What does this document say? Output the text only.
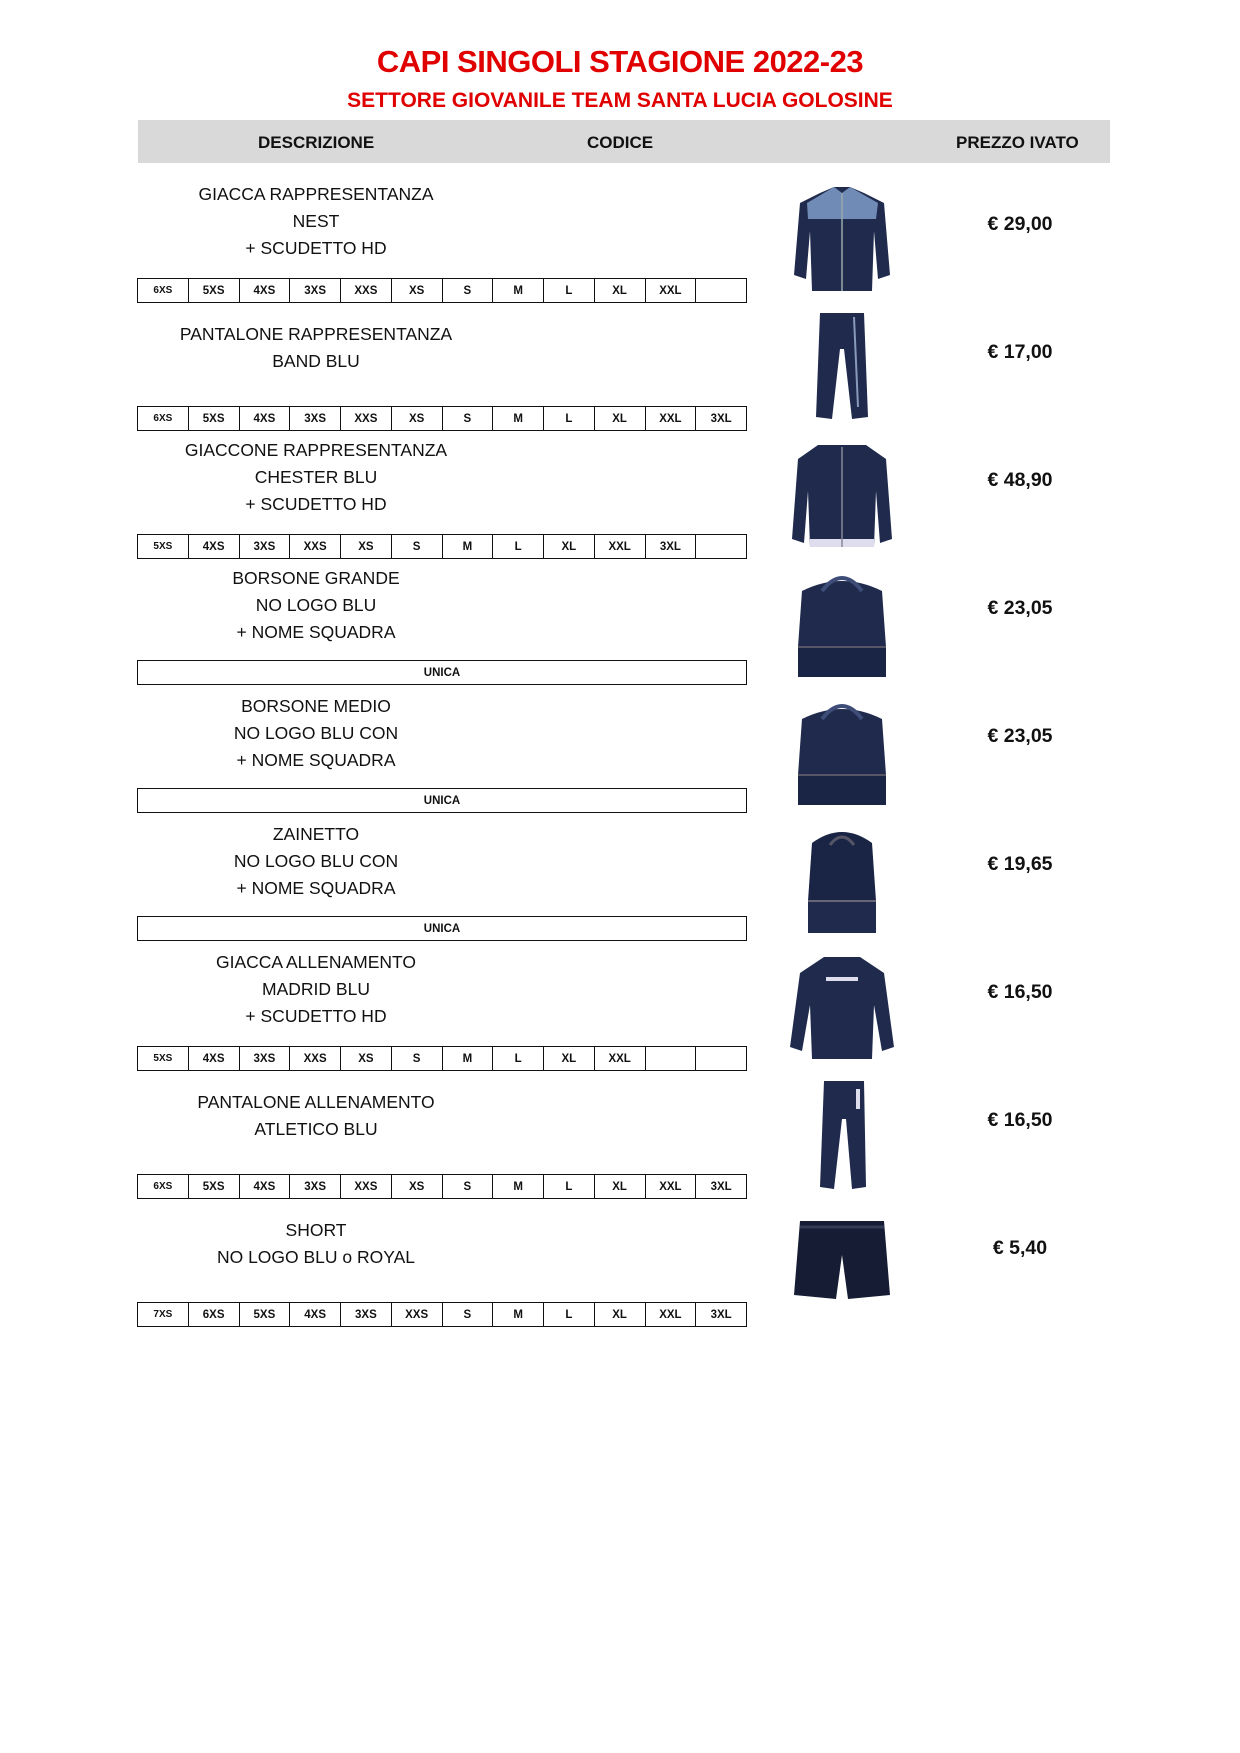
CAPI SINGOLI STAGIONE 2022-23
SETTORE GIOVANILE TEAM SANTA LUCIA GOLOSINE
DESCRIZIONE	CODICE	PREZZO IVATO
GIACCA RAPPRESENTANZA
NEST
+ SCUDETTO HD
€ 29,00
6XS	5XS	4XS	3XS	XXS	XS	S	M	L	XL	XXL
PANTALONE RAPPRESENTANZA
BAND BLU	€ 17,00
6XS	5XS	4XS	3XS	XXS	XS	S	M	L	XL	XXL	3XL
GIACCONE RAPPRESENTANZA
CHESTER BLU
+ SCUDETTO HD
€ 48,90
5XS	4XS	3XS	XXS	XS	S	M	L	XL	XXL	3XL
BORSONE GRANDE
NO LOGO BLU
+ NOME SQUADRA
€ 23,05
UNICA
BORSONE MEDIO
NO LOGO BLU CON
+ NOME SQUADRA
€ 23,05
UNICA
ZAINETTO
NO LOGO BLU CON
+ NOME SQUADRA
€ 19,65
UNICA
GIACCA ALLENAMENTO
MADRID BLU
+ SCUDETTO HD
€ 16,50
5XS	4XS	3XS	XXS	XS	S	M	L	XL	XXL
PANTALONE ALLENAMENTO
ATLETICO BLU	€ 16,50
6XS	5XS	4XS	3XS	XXS	XS	S	M	L	XL	XXL	3XL
SHORT
NO LOGO BLU o ROYAL	€ 5,40
7XS	6XS	5XS	4XS	3XS	XXS	S	M	L	XL	XXL	3XL
